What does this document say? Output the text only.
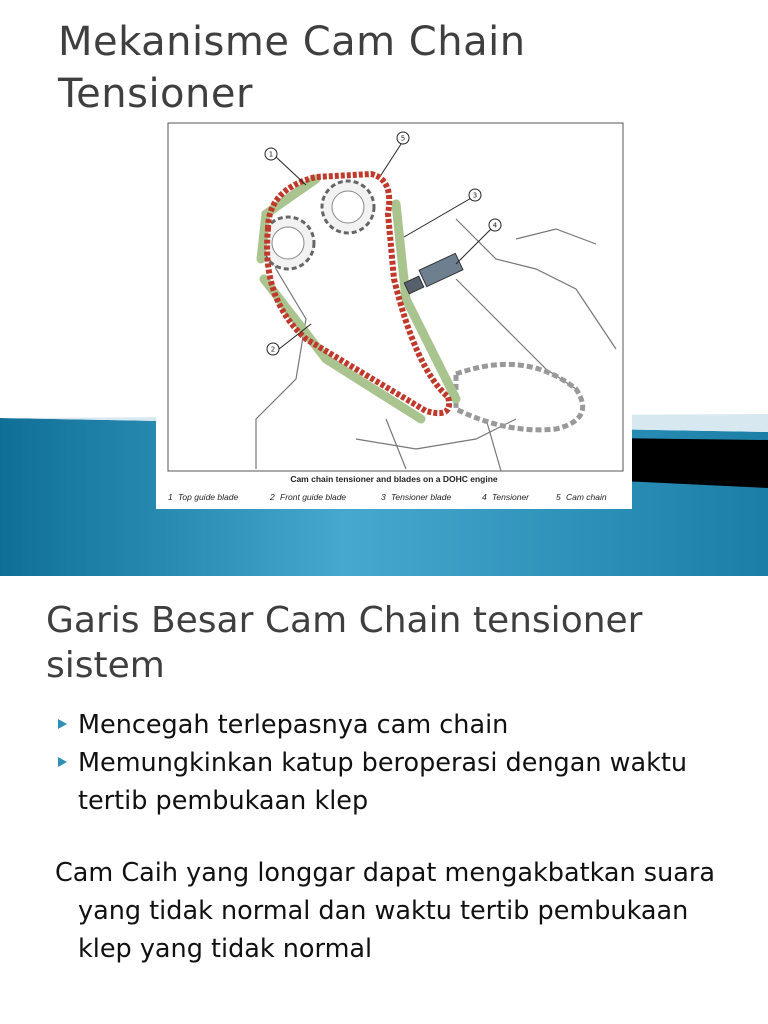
Mekanisme Cam Chain
Tensioner
1
2
3
4
5
Cam chain tensioner and blades on a DOHC engine
1 Top guide blade	2 Front guide blade	3 Tensioner blade	4 Tensioner	5 Cam chain
Garis Besar Cam Chain tensioner
sistem
Mencegah terlepasnya cam chain
Memungkinkan katup beroperasi dengan waktu tertib pembukaan klep

Cam Caih yang longgar dapat mengakbatkan suara yang tidak normal dan waktu tertib pembukaan klep yang tidak normal
